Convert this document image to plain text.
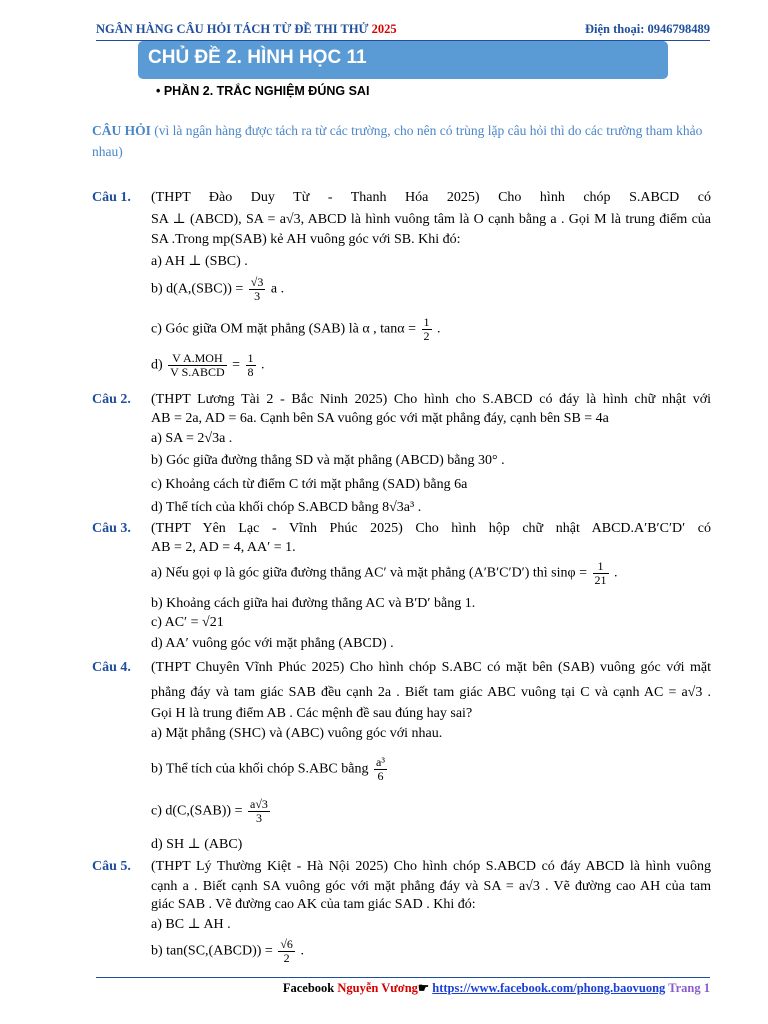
NGÂN HÀNG CÂU HỎI TÁCH TỪ ĐỀ THI THỬ 2025	Điện thoại: 0946798489
CHỦ ĐỀ 2. HÌNH HỌC 11
• PHẦN 2. TRẮC NGHIỆM ĐÚNG SAI
CÂU HỎI (vì là ngân hàng được tách ra từ các trường, cho nên có trùng lặp câu hỏi thì do các trường tham khảo nhau)
Câu 1. (THPT Đào Duy Từ - Thanh Hóa 2025) Cho hình chóp S.ABCD có
SA ⊥ (ABCD), SA = a√3, ABCD là hình vuông tâm là O cạnh bằng a . Gọi M là trung điểm của
SA .Trong mp(SAB) kẻ AH vuông góc với SB. Khi đó:
a) AH ⊥ (SBC) .
b) $d(A,(SBC)) = \frac{√3}{3}$ a .
c) Góc giữa OM mặt phẳng (SAB) là α , $\tan\alpha = \frac{1}{2}$ .
$d) \frac{\text{V A.MOH}}{\text{V S.ABCD}} = \frac{1}{8}$ .
Câu 2. (THPT Lương Tài 2 - Bắc Ninh 2025) Cho hình cho S.ABCD có đáy là hình chữ nhật với
AB = 2a, AD = 6a. Cạnh bên SA vuông góc với mặt phẳng đáy, cạnh bên SB = 4a
a) SA = 2√3a .
b) Góc giữa đường thẳng SD và mặt phẳng (ABCD) bằng 30° .
c) Khoảng cách từ điểm C tới mặt phẳng (SAD) bằng 6a
d) Thể tích của khối chóp S.ABCD bằng 8√3a³ .
Câu 3. (THPT Yên Lạc - Vĩnh Phúc 2025) Cho hình hộp chữ nhật ABCD.A′B′C′D′ có
AB = 2, AD = 4, AA′ = 1.
a) Nếu gọi φ là góc giữa đường thẳng AC′ và mặt phẳng (A′B′C′D′) thì $\sin\varphi = \frac{1}{21}$ .
b) Khoảng cách giữa hai đường thẳng AC và B′D′ bằng 1.
c) AC′ = √21
d) AA′ vuông góc với mặt phẳng (ABCD) .
Câu 4. (THPT Chuyên Vĩnh Phúc 2025) Cho hình chóp S.ABC có mặt bên (SAB) vuông góc với mặt
phẳng đáy và tam giác SAB đều cạnh 2a . Biết tam giác ABC vuông tại C và cạnh AC = a√3 .
Gọi H là trung điểm AB . Các mệnh đề sau đúng hay sai?
a) Mặt phẳng (SHC) và (ABC) vuông góc với nhau.
b) Thể tích của khối chóp S.ABC bằng $\frac{\text{a³}}{6}$
c) $d(C,(SAB)) = \frac{a√3}{3}$
d) SH ⊥ (ABC)
Câu 5. (THPT Lý Thường Kiệt - Hà Nội 2025) Cho hình chóp S.ABCD có đáy ABCD là hình vuông
cạnh a . Biết cạnh SA vuông góc với mặt phẳng đáy và SA = a√3 . Vẽ đường cao AH của tam
giác SAB . Vẽ đường cao AK của tam giác SAD . Khi đó:
a) BC ⊥ AH .
b) tan(SC,(ABCD)) = $\frac{√6}{2}$ .
Facebook Nguyễn Vương☛ https://www.facebook.com/phong.baovuong Trang 1
